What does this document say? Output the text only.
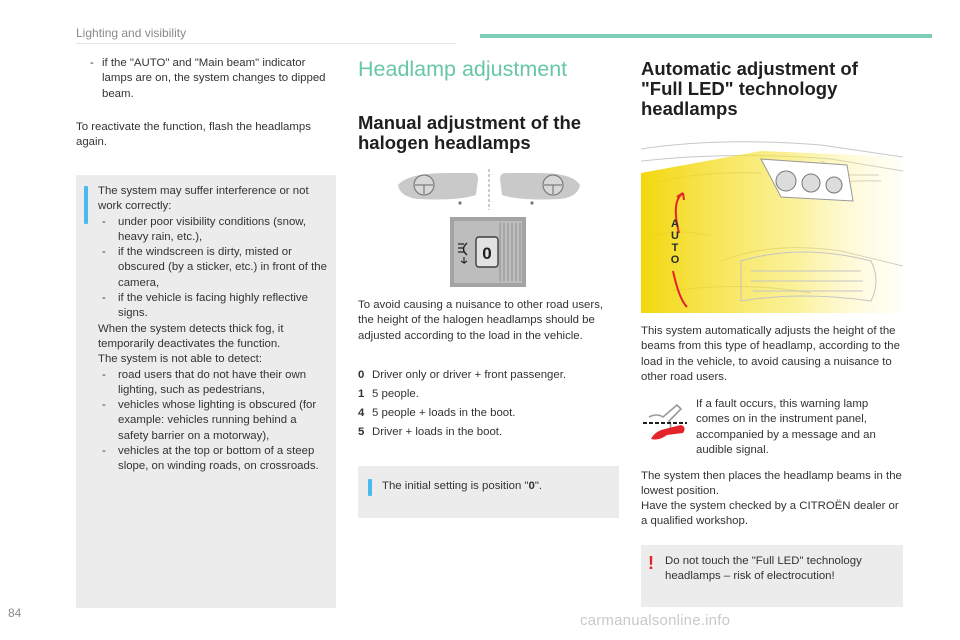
Lighting and visibility

- if the "AUTO" and "Main beam" indicator lamps are on, the system changes to dipped beam.

To reactivate the function, flash the headlamps again.

The system may suffer interference or not work correctly:

- under poor visibility conditions (snow, heavy rain, etc.),

- if the windscreen is dirty, misted or obscured (by a sticker, etc.) in front of the camera,

- if the vehicle is facing highly reflective signs.

When the system detects thick fog, it temporarily deactivates the function.

The system is not able to detect:

- road users that do not have their own lighting, such as pedestrians,

- vehicles whose lighting is obscured (for example: vehicles running behind a safety barrier on a motorway),

- vehicles at the top or bottom of a steep slope, on winding roads, on crossroads.

Headlamp adjustment
Manual adjustment of the halogen headlamps
0

To avoid causing a nuisance to other road users, the height of the halogen headlamps should be adjusted according to the load in the vehicle.

0 Driver only or driver + front passenger.
1 5 people.
4 5 people + loads in the boot.
5 Driver + loads in the boot.

The initial setting is position "0".

Automatic adjustment of "Full LED" technology headlamps
A
U
T
O

This system automatically adjusts the height of the beams from this type of headlamp, according to the load in the vehicle, to avoid causing a nuisance to other road users.

If a fault occurs, this warning lamp comes on in the instrument panel, accompanied by a message and an audible signal.

The system then places the headlamp beams in the lowest position.

Have the system checked by a CITROËN dealer or a qualified workshop.

! Do not touch the "Full LED" technology headlamps – risk of electrocution!

84	carmanualsonline.info
